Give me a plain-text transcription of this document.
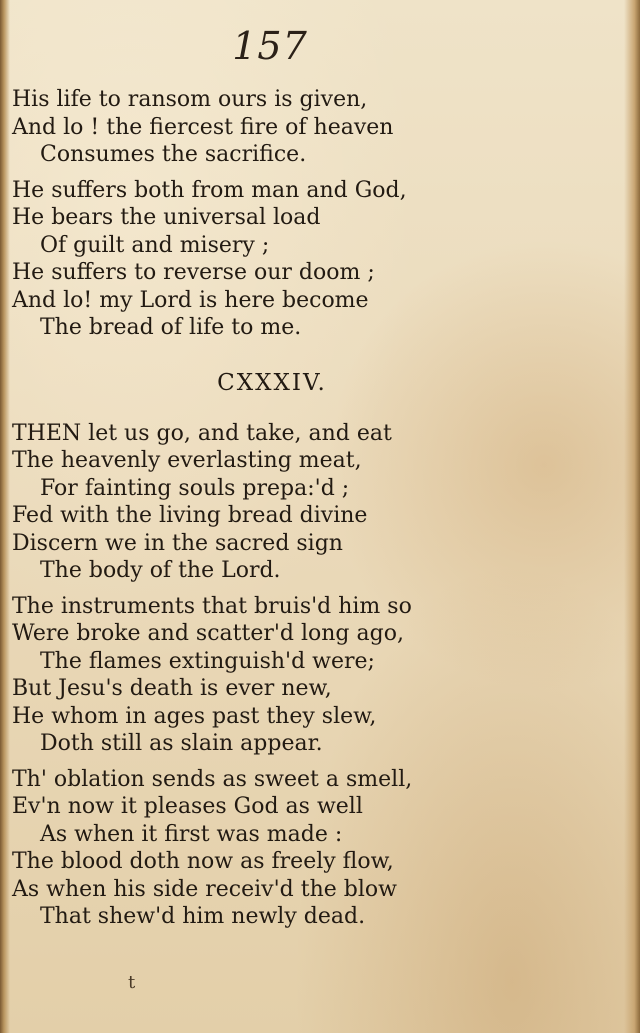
157
His life to ransom ours is given,
And lo ! the fiercest fire of heaven
Consumes the sacrifice.
He suffers both from man and God,
He bears the universal load
Of guilt and misery ;
He suffers to reverse our doom ;
And lo! my Lord is here become
The bread of life to me.
CXXXIV.
THEN let us go, and take, and eat
The heavenly everlasting meat,
For fainting souls prepa:'d ;
Fed with the living bread divine
Discern we in the sacred sign
The body of the Lord.
The instruments that bruis'd him so
Were broke and scatter'd long ago,
The flames extinguish'd were;
But Jesu's death is ever new,
He whom in ages past they slew,
Doth still as slain appear.
Th' oblation sends as sweet a smell,
Ev'n now it pleases God as well
As when it first was made :
The blood doth now as freely flow,
As when his side receiv'd the blow
That shew'd him newly dead.
t
